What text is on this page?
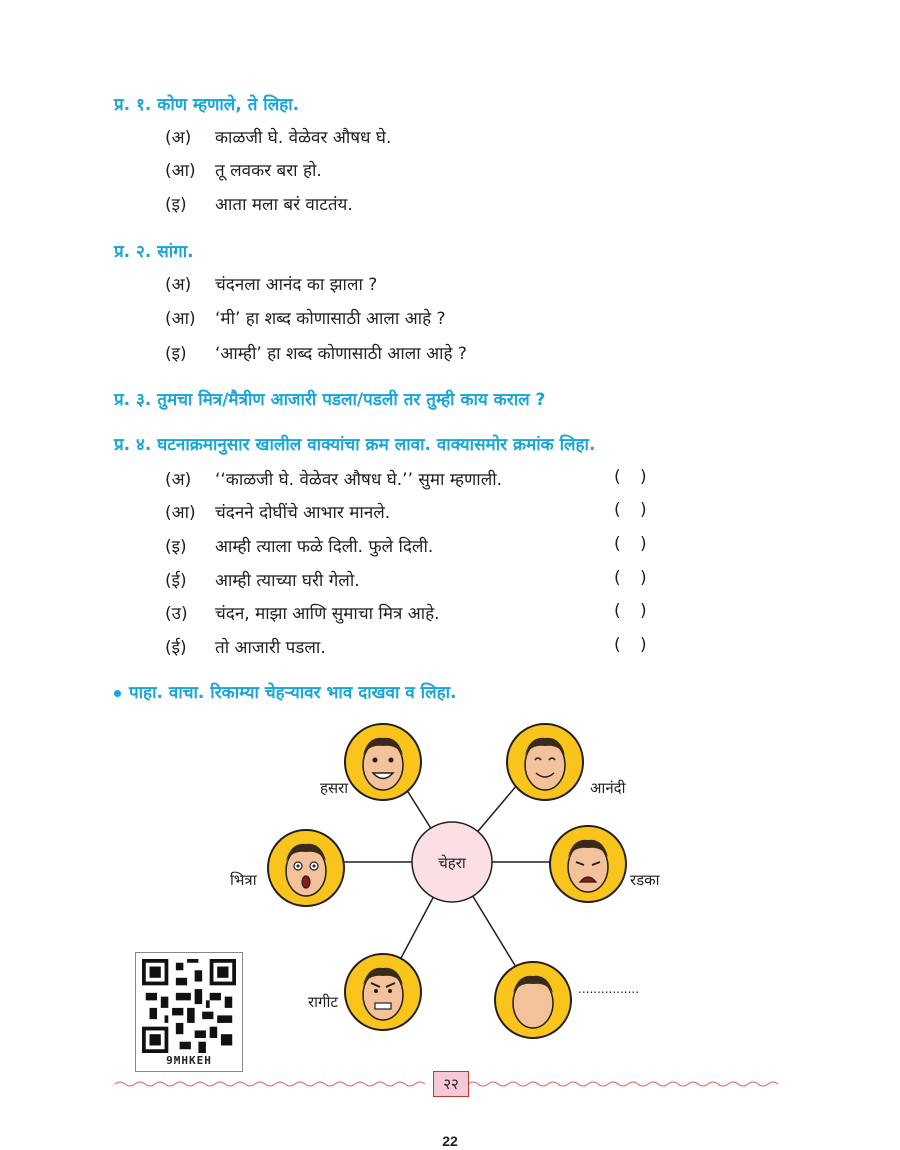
प्र. १. कोण म्हणाले, ते लिहा.
(अ) काळजी घे. वेळेवर औषध घे.
(आ) तू लवकर बरा हो.
(इ) आता मला बरं वाटतंय.
प्र. २. सांगा.
(अ) चंदनला आनंद का झाला ?
(आ) ‘मी’ हा शब्द कोणासाठी आला आहे ?
(इ) ‘आम्ही’ हा शब्द कोणासाठी आला आहे ?
प्र. ३. तुमचा मित्र/मैत्रीण आजारी पडला/पडली तर तुम्ही काय कराल ?
प्र. ४. घटनाक्रमानुसार खालील वाक्यांचा क्रम लावा. वाक्यासमोर क्रमांक लिहा.
(अ) ‘‘काळजी घे. वेळेवर औषध घे.’’ सुमा म्हणाली.	( )
(आ) चंदनने दोघींचे आभार मानले.	( )
(इ) आम्ही त्याला फळे दिली. फुले दिली.	( )
(ई) आम्ही त्याच्या घरी गेलो.	( )
(उ) चंदन, माझा आणि सुमाचा मित्र आहे.	( )
(ई) तो आजारी पडला.	( )
पाहा. वाचा. रिकाम्या चेहऱ्यावर भाव दाखवा व लिहा.
चेहरा
हसरा	आनंदी
भित्रा	रडका
रागीट
................
9MHKEH
२२
22
